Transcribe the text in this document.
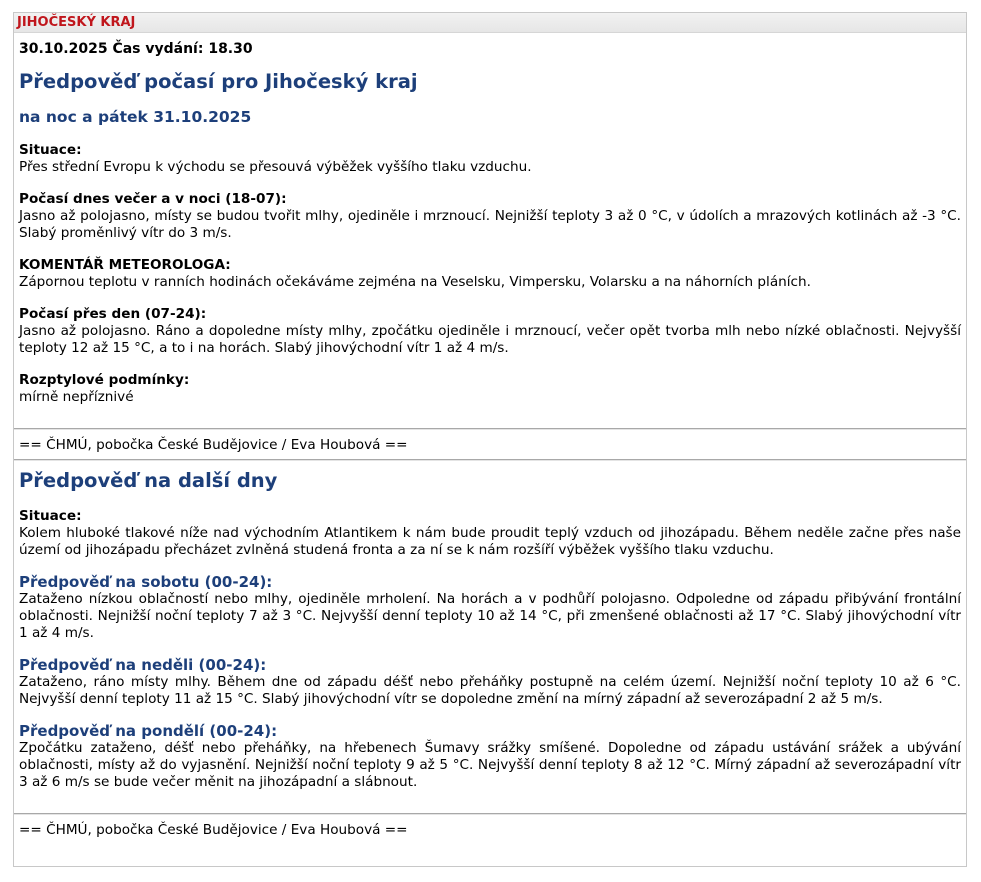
JIHOČESKÝ KRAJ
30.10.2025 Čas vydání: 18.30
Předpověď počasí pro Jihočeský kraj
na noc a pátek 31.10.2025
Situace:

Přes střední Evropu k východu se přesouvá výběžek vyššího tlaku vzduchu.

Počasí dnes večer a v noci (18-07):

Jasno až polojasno, místy se budou tvořit mlhy, ojediněle i mrznoucí. Nejnižší teploty 3 až 0 °C, v údolích a mrazových kotlinách až -3 °C. Slabý proměnlivý vítr do 3 m/s.

KOMENTÁŘ METEOROLOGA:

Zápornou teplotu v ranních hodinách očekáváme zejména na Veselsku, Vimpersku, Volarsku a na náhorních pláních.

Počasí přes den (07-24):

Jasno až polojasno. Ráno a dopoledne místy mlhy, zpočátku ojediněle i mrznoucí, večer opět tvorba mlh nebo nízké oblačnosti. Nejvyšší teploty 12 až 15 °C, a to i na horách. Slabý jihovýchodní vítr 1 až 4 m/s.

Rozptylové podmínky:

mírně nepříznivé

== ČHMÚ, pobočka České Budějovice / Eva Houbová ==
Předpověď na další dny
Situace:

Kolem hluboké tlakové níže nad východním Atlantikem k nám bude proudit teplý vzduch od jihozápadu. Během neděle začne přes naše území od jihozápadu přecházet zvlněná studená fronta a za ní se k nám rozšíří výběžek vyššího tlaku vzduchu.

Předpověď na sobotu (00-24):

Zataženo nízkou oblačností nebo mlhy, ojediněle mrholení. Na horách a v podhůří polojasno. Odpoledne od západu přibývání frontální oblačnosti. Nejnižší noční teploty 7 až 3 °C. Nejvyšší denní teploty 10 až 14 °C, při zmenšené oblačnosti až 17 °C. Slabý jihovýchodní vítr 1 až 4 m/s.

Předpověď na neděli (00-24):

Zataženo, ráno místy mlhy. Během dne od západu déšť nebo přeháňky postupně na celém území. Nejnižší noční teploty 10 až 6 °C. Nejvyšší denní teploty 11 až 15 °C. Slabý jihovýchodní vítr se dopoledne změní na mírný západní až severozápadní 2 až 5 m/s.

Předpověď na pondělí (00-24):

Zpočátku zataženo, déšť nebo přeháňky, na hřebenech Šumavy srážky smíšené. Dopoledne od západu ustávání srážek a ubývání oblačnosti, místy až do vyjasnění. Nejnižší noční teploty 9 až 5 °C. Nejvyšší denní teploty 8 až 12 °C. Mírný západní až severozápadní vítr 3 až 6 m/s se bude večer měnit na jihozápadní a slábnout.

== ČHMÚ, pobočka České Budějovice / Eva Houbová ==
